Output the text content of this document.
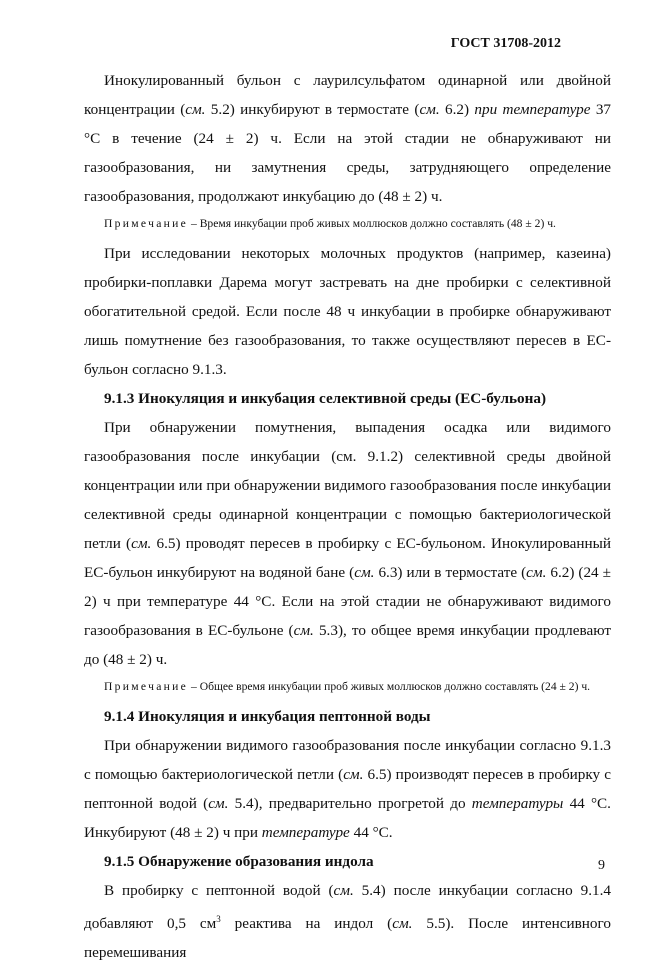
ГОСТ 31708-2012

Инокулированный бульон с лаурилсульфатом одинарной или двойной концентрации (см. 5.2) инкубируют в термостате (см. 6.2) при температуре 37 °С в течение (24 ± 2) ч. Если на этой стадии не обнаруживают ни газообразования, ни замутнения среды, затрудняющего определение газообразования, продолжают инкубацию до (48 ± 2) ч.

Примечание – Время инкубации проб живых моллюсков должно составлять (48 ± 2) ч.

При исследовании некоторых молочных продуктов (например, казеина) пробирки-поплавки Дарема могут застревать на дне пробирки с селективной обогатительной средой. Если после 48 ч инкубации в пробирке обнаруживают лишь помутнение без газообразования, то также осуществляют пересев в ЕС-бульон согласно 9.1.3.

9.1.3 Инокуляция и инкубация селективной среды (ЕС-бульона)

При обнаружении помутнения, выпадения осадка или видимого газообразования после инкубации (см. 9.1.2) селективной среды двойной концентрации или при обнаружении видимого газообразования после инкубации селективной среды одинарной концентрации с помощью бактериологической петли (см. 6.5) проводят пересев в пробирку с ЕС-бульоном. Инокулированный ЕС-бульон инкубируют на водяной бане (см. 6.3) или в термостате (см. 6.2) (24 ± 2) ч при температуре 44 °С. Если на этой стадии не обнаруживают видимого газообразования в ЕС-бульоне (см. 5.3), то общее время инкубации продлевают до (48 ± 2) ч.

Примечание – Общее время инкубации проб живых моллюсков должно составлять (24 ± 2) ч.

9.1.4 Инокуляция и инкубация пептонной воды

При обнаружении видимого газообразования после инкубации согласно 9.1.3 с помощью бактериологической петли (см. 6.5) производят пересев в пробирку с пептонной водой (см. 5.4), предварительно прогретой до температуры 44 °С. Инкубируют (48 ± 2) ч при температуре 44 °С.

9.1.5 Обнаружение образования индола

В пробирку с пептонной водой (см. 5.4) после инкубации согласно 9.1.4 добавляют 0,5 $см^3$ реактива на индол (см. 5.5). После интенсивного перемешивания

9
